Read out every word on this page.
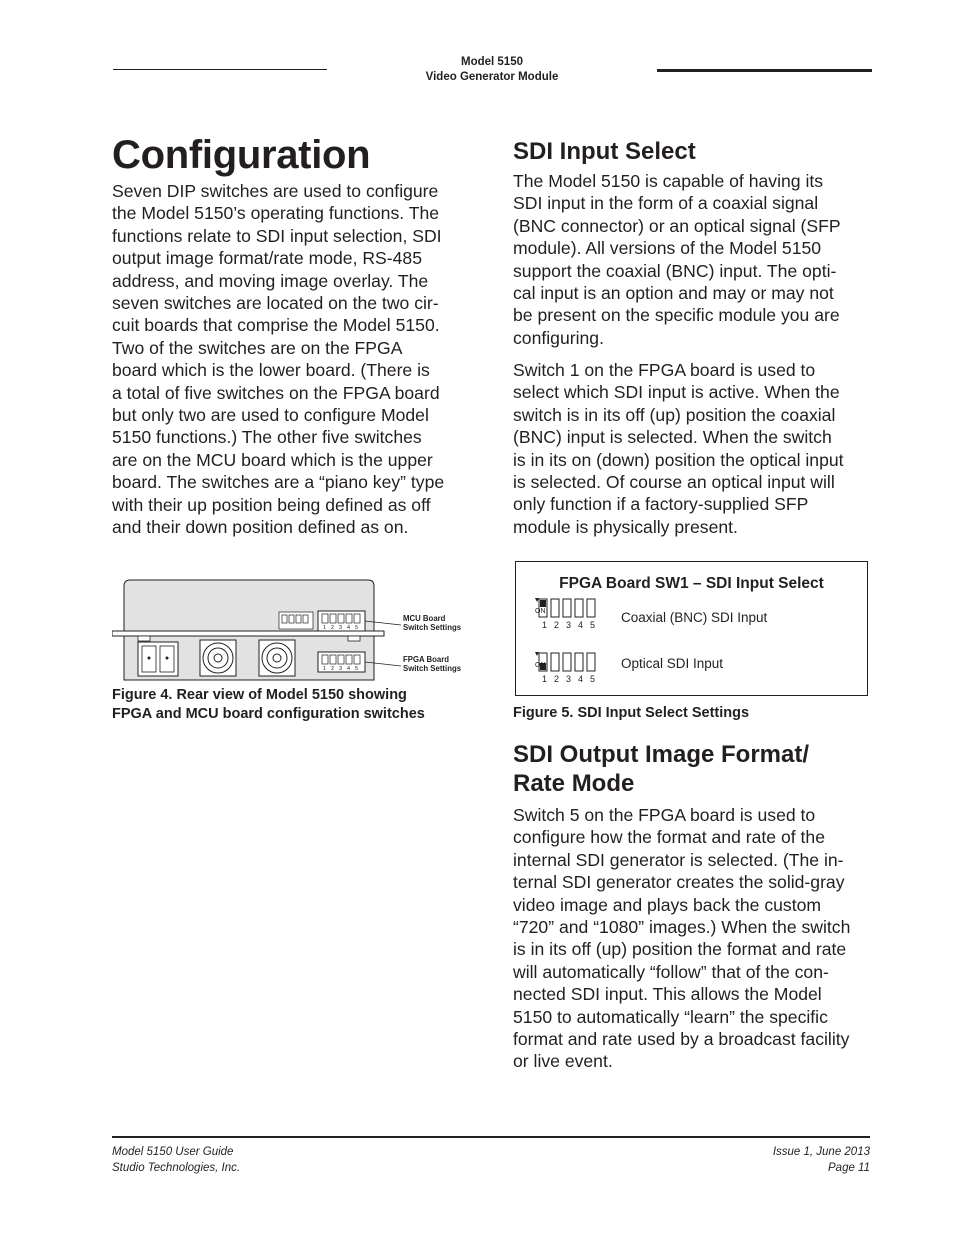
Model 5150
Video Generator Module
Configuration
Seven DIP switches are used to configure
the Model 5150’s operating functions. The
functions relate to SDI input selection, SDI
output image format/rate mode, RS-485
address, and moving image overlay. The
seven switches are located on the two cir-
cuit boards that comprise the Model 5150.
Two of the switches are on the FPGA
board which is the lower board. (There is
a total of five switches on the FPGA board
but only two are used to configure Model
5150 functions.) The other five switches
are on the MCU board which is the upper
board. The switches are a “piano key” type
with their up position being defined as off
and their down position defined as on.
1 2 3 4 5
1 2 3 4 5
MCU Board
Switch Settings
FPGA Board
Switch Settings
Figure 4. Rear view of Model 5150 showing
FPGA and MCU board configuration switches
SDI Input Select
The Model 5150 is capable of having its
SDI input in the form of a coaxial signal
(BNC connector) or an optical signal (SFP
module). All versions of the Model 5150
support the coaxial (BNC) input. The opti-
cal input is an option and may or may not
be present on the specific module you are
configuring.
Switch 1 on the FPGA board is used to
select which SDI input is active. When the
switch is in its off (up) position the coaxial
(BNC) input is selected. When the switch
is in its on (down) position the optical input
is selected. Of course an optical input will
only function if a factory-supplied SFP
module is physically present.
FPGA Board SW1 – SDI Input Select
ON
1 2 3 4 5 Coaxial (BNC) SDI Input
ON
1 2 3 4 5
Optical SDI Input
Figure 5. SDI Input Select Settings
SDI Output Image Format/
Rate Mode
Switch 5 on the FPGA board is used to
configure how the format and rate of the
internal SDI generator is selected. (The in-
ternal SDI generator creates the solid-gray
video image and plays back the custom
“720” and “1080” images.) When the switch
is in its off (up) position the format and rate
will automatically “follow” that of the con-
nected SDI input. This allows the Model
5150 to automatically “learn” the specific
format and rate used by a broadcast facility
or live event.
Model 5150 User Guide
Studio Technologies, Inc.
Issue 1, June 2013
Page 11
